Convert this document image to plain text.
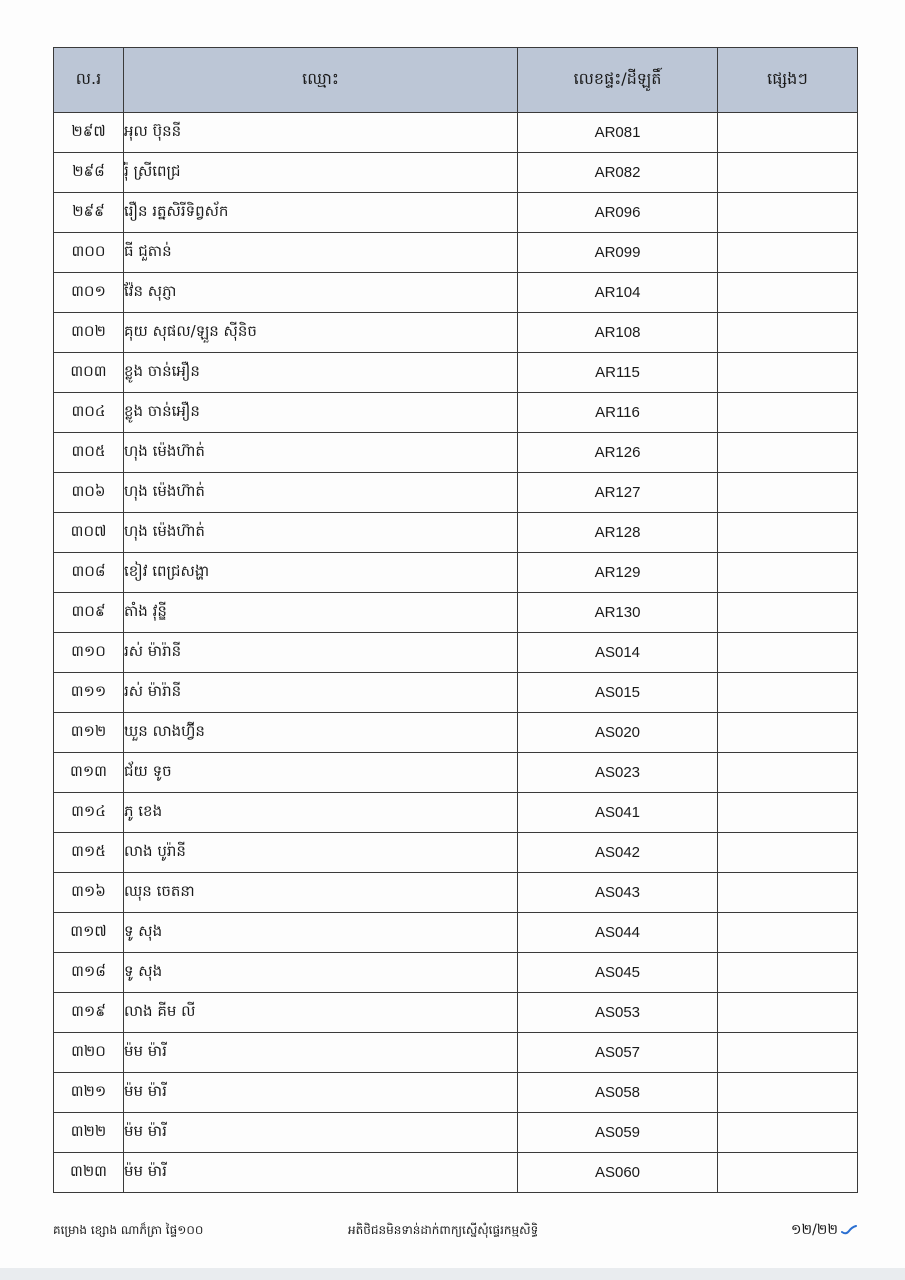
ល.រ	ឈ្មោះ	លេខផ្ទះ/ដីឡូតិ៍	ផ្សេងៗ
២៩៧	អុល ប៊ុននី	AR081	
២៩៨	រ៉ុំ ស្រីពេជ្រ	AR082	
២៩៩	រឿន រត្នសិរីទិព្វស័ក	AR096	
៣០០	ធី ជួតាន់	AR099	
៣០១	វ៉ែន សុភ្ញា	AR104	
៣០២	គុយ សុផល/ឡួន ស៊ីនិច	AR108	
៣០៣	ខ្លូង ចាន់អឿន	AR115	
៣០៤	ខ្លូង ចាន់អឿន	AR116	
៣០៥	ហុង ម៉េងហ៊ាត់	AR126	
៣០៦	ហុង ម៉េងហ៊ាត់	AR127	
៣០៧	ហុង ម៉េងហ៊ាត់	AR128	
៣០៨	ខៀវ ពេជ្រសង្ហា	AR129	
៣០៩	តាំង វុន្ឌី	AR130	
៣១០	រស់ ម៉ារ៉ានី	AS014	
៣១១	រស់ ម៉ារ៉ានី	AS015	
៣១២	ឃួន លាងហ៊្វីន	AS020	
៣១៣	ជ័យ ទូច	AS023	
៣១៤	ភូ ខេង	AS041	
៣១៥	លាង បូរ៉ានី	AS042	
៣១៦	ឈុន ចេតនា	AS043	
៣១៧	ទូ សុង	AS044	
៣១៨	ទូ សុង	AS045	
៣១៩	លាង គីម លី	AS053	
៣២០	ម៉ម ម៉ារី	AS057	
៣២១	ម៉ម ម៉ារី	AS058	
៣២២	ម៉ម ម៉ារី	AS059	
៣២៣	ម៉ម ម៉ារី	AS060	
គម្រោង ខ្សោង ណាភ៏ត្រា ផ្ទៃ១០០	អតិថិជនមិនទាន់ដាក់ពាក្យស្នើសុំផ្ទេរកម្មសិទ្ធិ	១២/២២
